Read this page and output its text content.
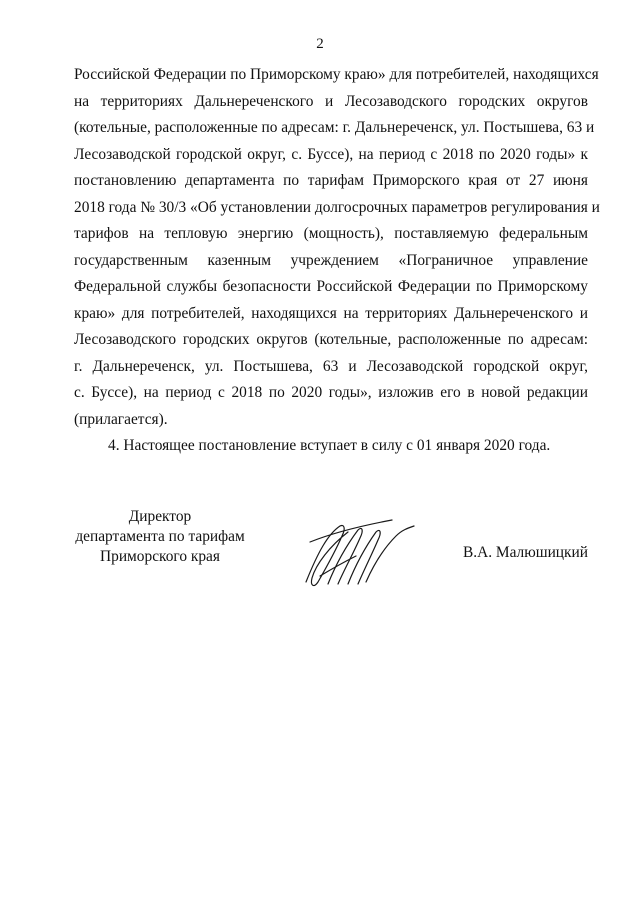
2

Российской Федерации по Приморскому краю» для потребителей, находящихся
на территориях Дальнереченского и Лесозаводского городских округов
(котельные, расположенные по адресам: г. Дальнереченск, ул. Постышева, 63 и
Лесозаводской городской округ, с. Буссе), на период с 2018 по 2020 годы» к
постановлению департамента по тарифам Приморского края от 27 июня
2018 года № 30/3 «Об установлении долгосрочных параметров регулирования и
тарифов на тепловую энергию (мощность), поставляемую федеральным
государственным казенным учреждением «Пограничное управление
Федеральной службы безопасности Российской Федерации по Приморскому
краю» для потребителей, находящихся на территориях Дальнереченского и
Лесозаводского городских округов (котельные, расположенные по адресам:
г. Дальнереченск, ул. Постышева, 63 и Лесозаводской городской округ,
с. Буссе), на период с 2018 по 2020 годы», изложив его в новой редакции
(прилагается).

4. Настоящее постановление вступает в силу с 01 января 2020 года.

Директор
департамента по тарифам
Приморского края	В.А. Малюшицкий
